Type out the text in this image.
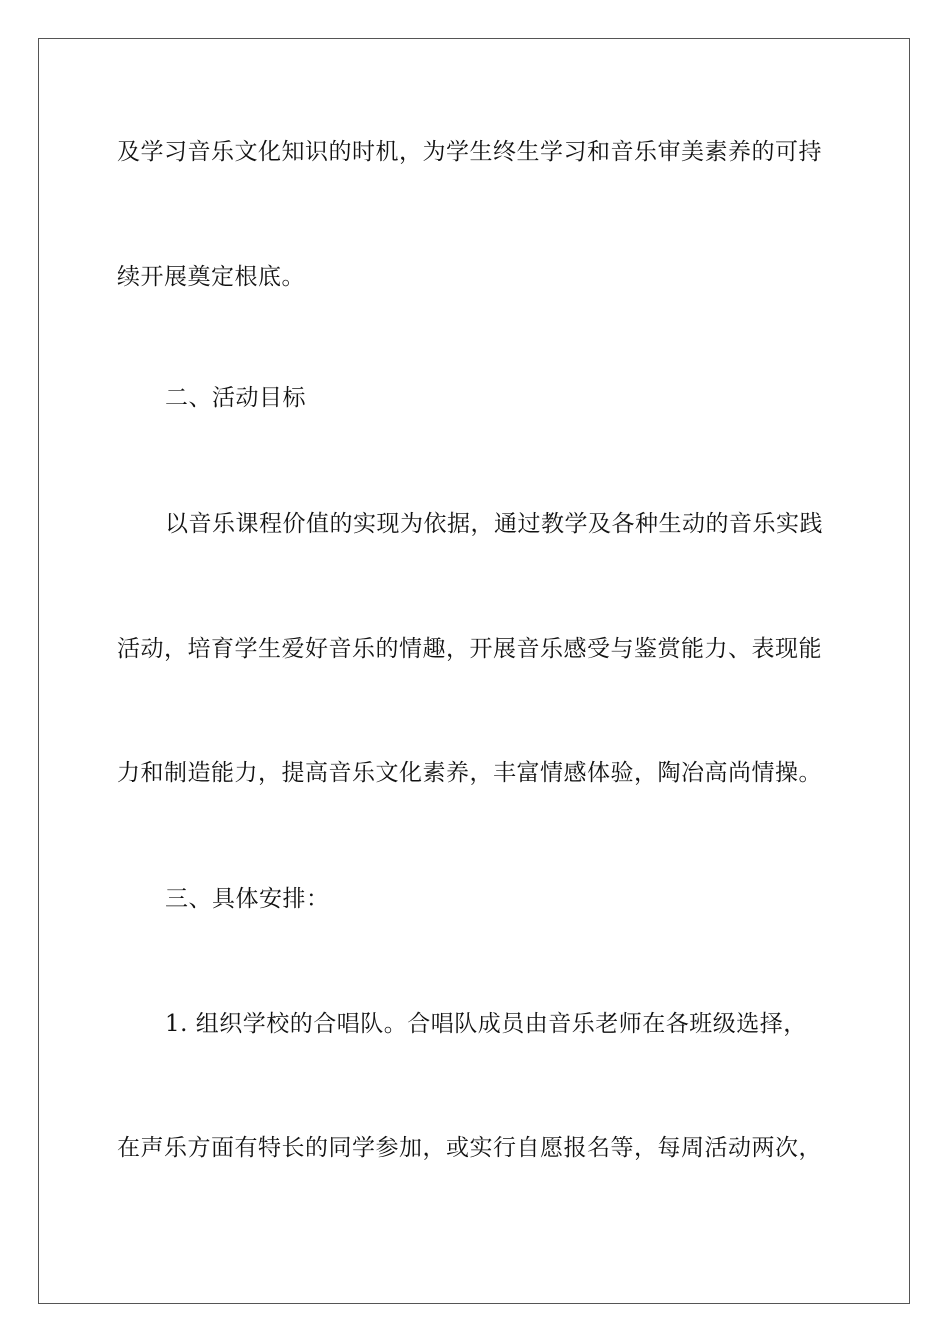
及学习音乐文化知识的时机，为学生终生学习和音乐审美素养的可持
续开展奠定根底。
二、活动目标
以音乐课程价值的实现为依据，通过教学及各种生动的音乐实践
活动，培育学生爱好音乐的情趣，开展音乐感受与鉴赏能力、表现能
力和制造能力，提高音乐文化素养，丰富情感体验，陶冶高尚情操。
三、具体安排：
1. 组织学校的合唱队。合唱队成员由音乐老师在各班级选择，
在声乐方面有特长的同学参加，或实行自愿报名等，每周活动两次，
